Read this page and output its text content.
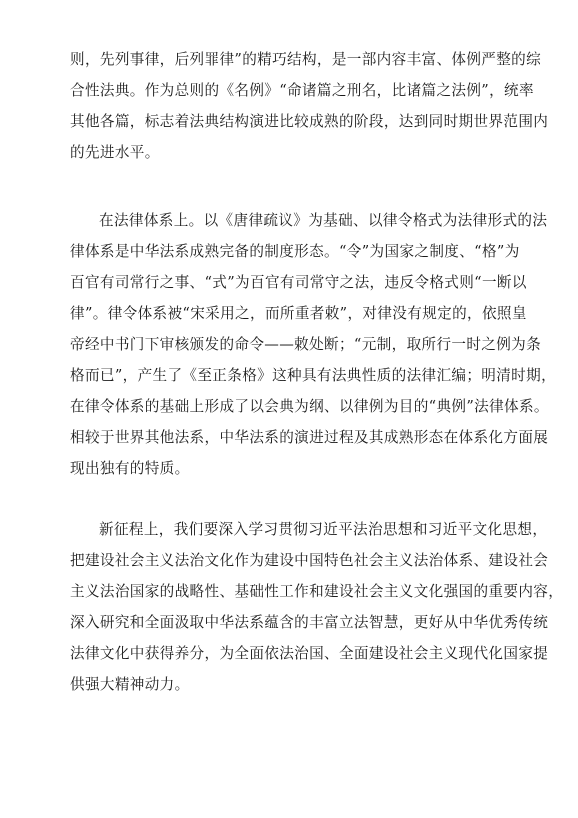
则，先列事律，后列罪律”的精巧结构，是一部内容丰富、体例严整的综
合性法典。作为总则的《名例》“命诸篇之刑名，比诸篇之法例”，统率
其他各篇，标志着法典结构演进比较成熟的阶段，达到同时期世界范围内
的先进水平。
在法律体系上。以《唐律疏议》为基础、以律令格式为法律形式的法
律体系是中华法系成熟完备的制度形态。“令”为国家之制度、“格”为
百官有司常行之事、“式”为百官有司常守之法，违反令格式则“一断以
律”。律令体系被“宋采用之，而所重者敕”，对律没有规定的，依照皇
帝经中书门下审核颁发的命令——敕处断；“元制，取所行一时之例为条
格而已”，产生了《至正条格》这种具有法典性质的法律汇编；明清时期，
在律令体系的基础上形成了以会典为纲、以律例为目的“典例”法律体系。
相较于世界其他法系，中华法系的演进过程及其成熟形态在体系化方面展
现出独有的特质。
新征程上，我们要深入学习贯彻习近平法治思想和习近平文化思想，
把建设社会主义法治文化作为建设中国特色社会主义法治体系、建设社会
主义法治国家的战略性、基础性工作和建设社会主义文化强国的重要内容，
深入研究和全面汲取中华法系蕴含的丰富立法智慧，更好从中华优秀传统
法律文化中获得养分，为全面依法治国、全面建设社会主义现代化国家提
供强大精神动力。
